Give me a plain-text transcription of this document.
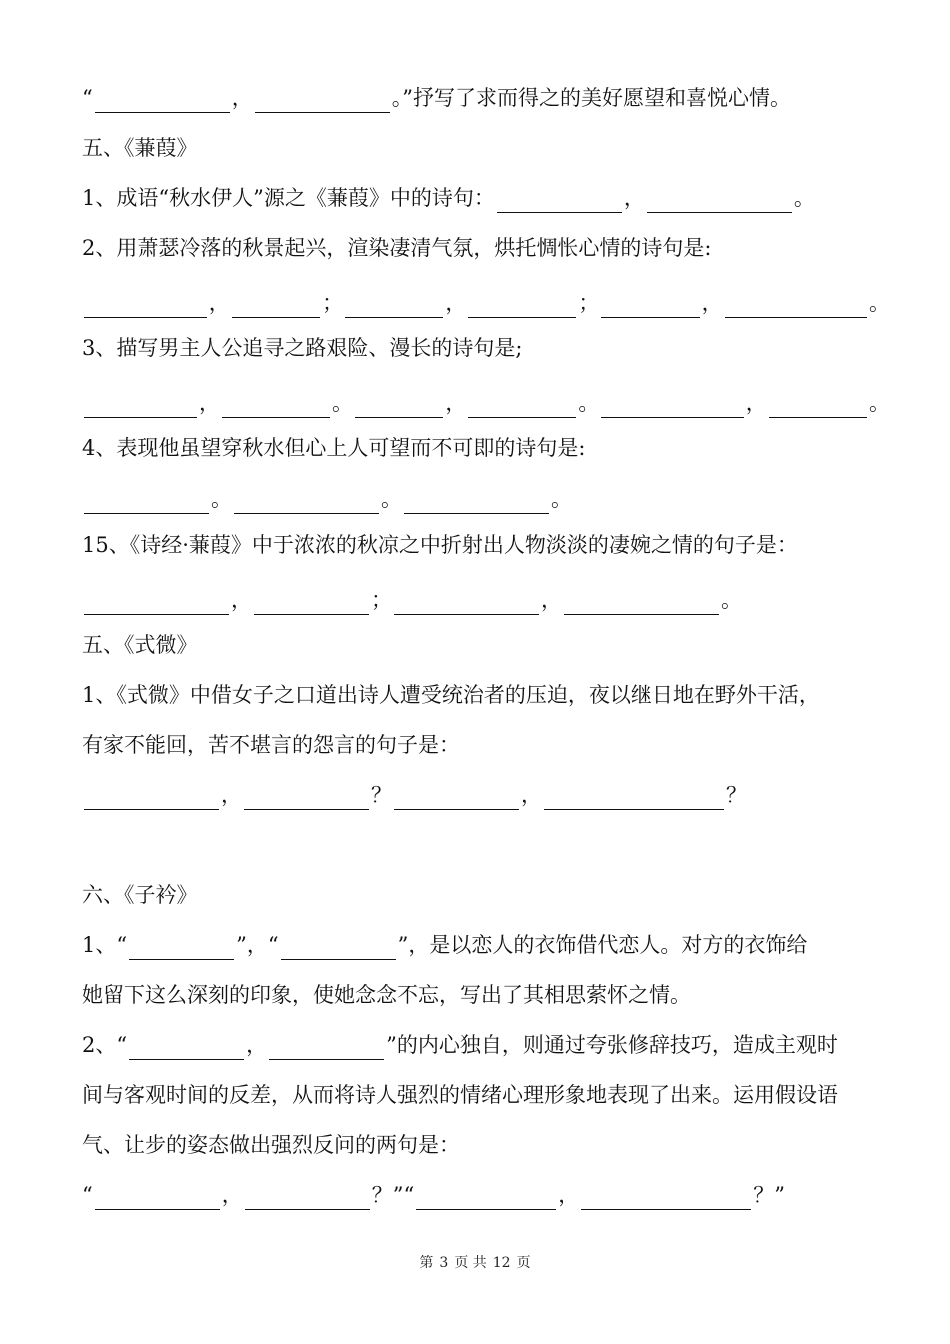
“	，	。”抒写了求而得之的美好愿望和喜悦心情。
五、《蒹葭》
1、成语“秋水伊人”源之《蒹葭》中的诗句：	，	。
2、用萧瑟冷落的秋景起兴，渲染凄清气氛，烘托惆怅心情的诗句是:
，	；	，	；	，	。
3、描写男主人公追寻之路艰险、漫长的诗句是;
，	。	，	。	，	。
4、表现他虽望穿秋水但心上人可望而不可即的诗句是:
。	。	。
15、《诗经·蒹葭》中于浓浓的秋凉之中折射出人物淡淡的凄婉之情的句子是：
，	；	，	。
五、《式微》
1、《式微》中借女子之口道出诗人遭受统治者的压迫，夜以继日地在野外干活，
有家不能回，苦不堪言的怨言的句子是：
，	？	，	？
六、《子衿》
1、“	”，“	”，是以恋人的衣饰借代恋人。对方的衣饰给
她留下这么深刻的印象，使她念念不忘，写出了其相思萦怀之情。
2、“	，	”的内心独自，则通过夸张修辞技巧，造成主观时
间与客观时间的反差，从而将诗人强烈的情绪心理形象地表现了出来。运用假设语
气、让步的姿态做出强烈反问的两句是：
“	，	？”“	，	？”
第 3 页 共 12 页
